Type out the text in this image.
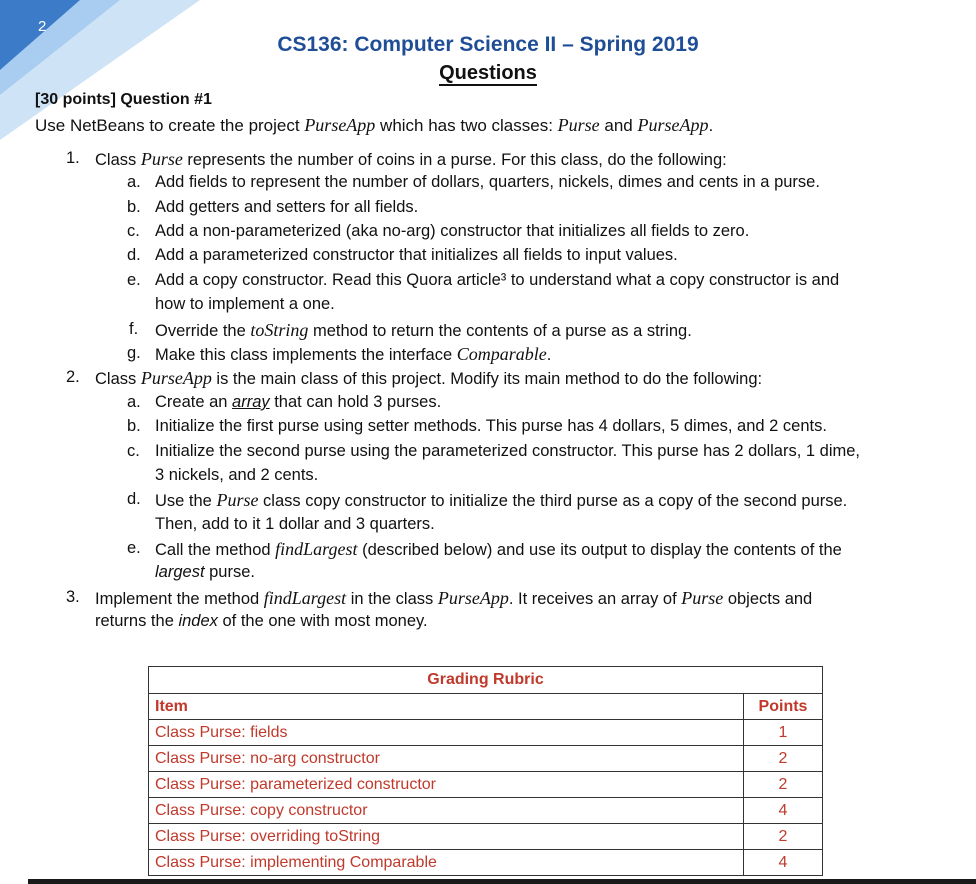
2
CS136: Computer Science II – Spring 2019
Questions
[30 points] Question #1
Use NetBeans to create the project PurseApp which has two classes: Purse and PurseApp.
1. Class Purse represents the number of coins in a purse. For this class, do the following:
a. Add fields to represent the number of dollars, quarters, nickels, dimes and cents in a purse.
b. Add getters and setters for all fields.
c. Add a non-parameterized (aka no-arg) constructor that initializes all fields to zero.
d. Add a parameterized constructor that initializes all fields to input values.
e. Add a copy constructor. Read this Quora article³ to understand what a copy constructor is and
how to implement a one.
f. Override the toString method to return the contents of a purse as a string.
g. Make this class implements the interface Comparable.
2. Class PurseApp is the main class of this project. Modify its main method to do the following:
a. Create an array that can hold 3 purses.
b. Initialize the first purse using setter methods. This purse has 4 dollars, 5 dimes, and 2 cents.
c. Initialize the second purse using the parameterized constructor. This purse has 2 dollars, 1 dime,
3 nickels, and 2 cents.
d. Use the Purse class copy constructor to initialize the third purse as a copy of the second purse.
Then, add to it 1 dollar and 3 quarters.
e. Call the method findLargest (described below) and use its output to display the contents of the
largest purse.
3. Implement the method findLargest in the class PurseApp. It receives an array of Purse objects and
returns the index of the one with most money.
Grading Rubric	
Item	Points
Class Purse: fields	1
Class Purse: no-arg constructor	2
Class Purse: parameterized constructor	2
Class Purse: copy constructor	4
Class Purse: overriding toString	2
Class Purse: implementing Comparable	4
